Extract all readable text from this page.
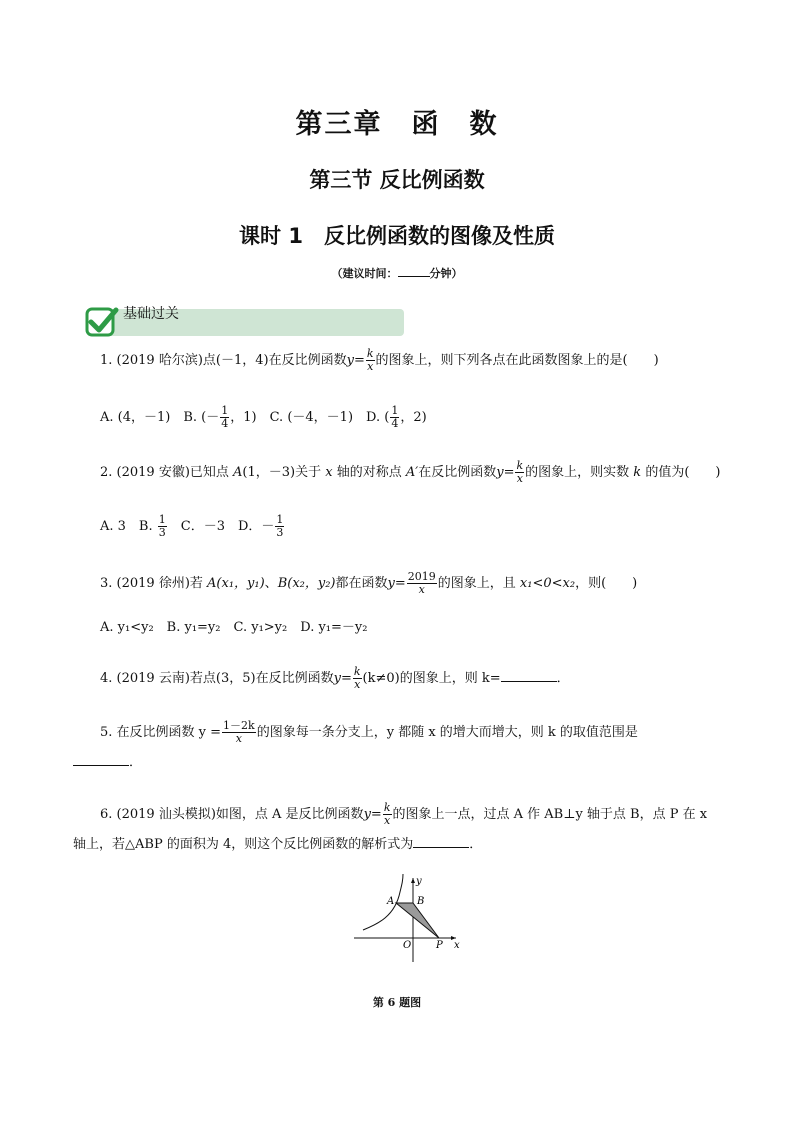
第三章　函　数
第三节 反比例函数
课时 1　反比例函数的图像及性质
（建议时间：	分钟）
基础过关
1. (2019 哈尔滨)点(－1，4)在反比例函数$y= \frac{k}{x}$ 的图象上，则下列各点在此函数图象上的是(　　)
A. (4，－1)　B. (－ $\frac{1}{4}$ ，1)　C. (－4，－1)　D. ( $\frac{1}{4}$ ，2)
2. (2019 安徽)已知点 A(1，－3)关于 x 轴的对称点 A′在反比例函数$y= \frac{k}{x}$ 的图象上，则实数 k 的值为(　　)
A. 3　B. $\frac{1}{3}$ 　C．－3　D．－ $\frac{1}{3}$
3. (2019 徐州)若 A(x₁，y₁)、B(x₂，y₂)都在函数$y= \frac{2019}{x}$ 的图象上，且 x₁<0<x₂，则(　　)
A. y₁<y₂　B. y₁=y₂　C. y₁>y₂　D. y₁=－y₂
4. (2019 云南)若点(3，5)在反比例函数$y= \frac{k}{x} (k\ne 0)$的图象上，则 k=	．
5. 在反比例函数 $y = \frac{1-2k}{x}$ 的图象每一条分支上，y 都随 x 的增大而增大，则 k 的取值范围是
．
6. (2019 汕头模拟)如图，点 A 是反比例函数$y= \frac{k}{x}$ 的图象上一点，过点 A 作 AB⊥y 轴于点 B，点 P 在 x
轴上，若△ABP 的面积为 4，则这个反比例函数的解析式为	．
A B
O P x
y
第 6 题图
